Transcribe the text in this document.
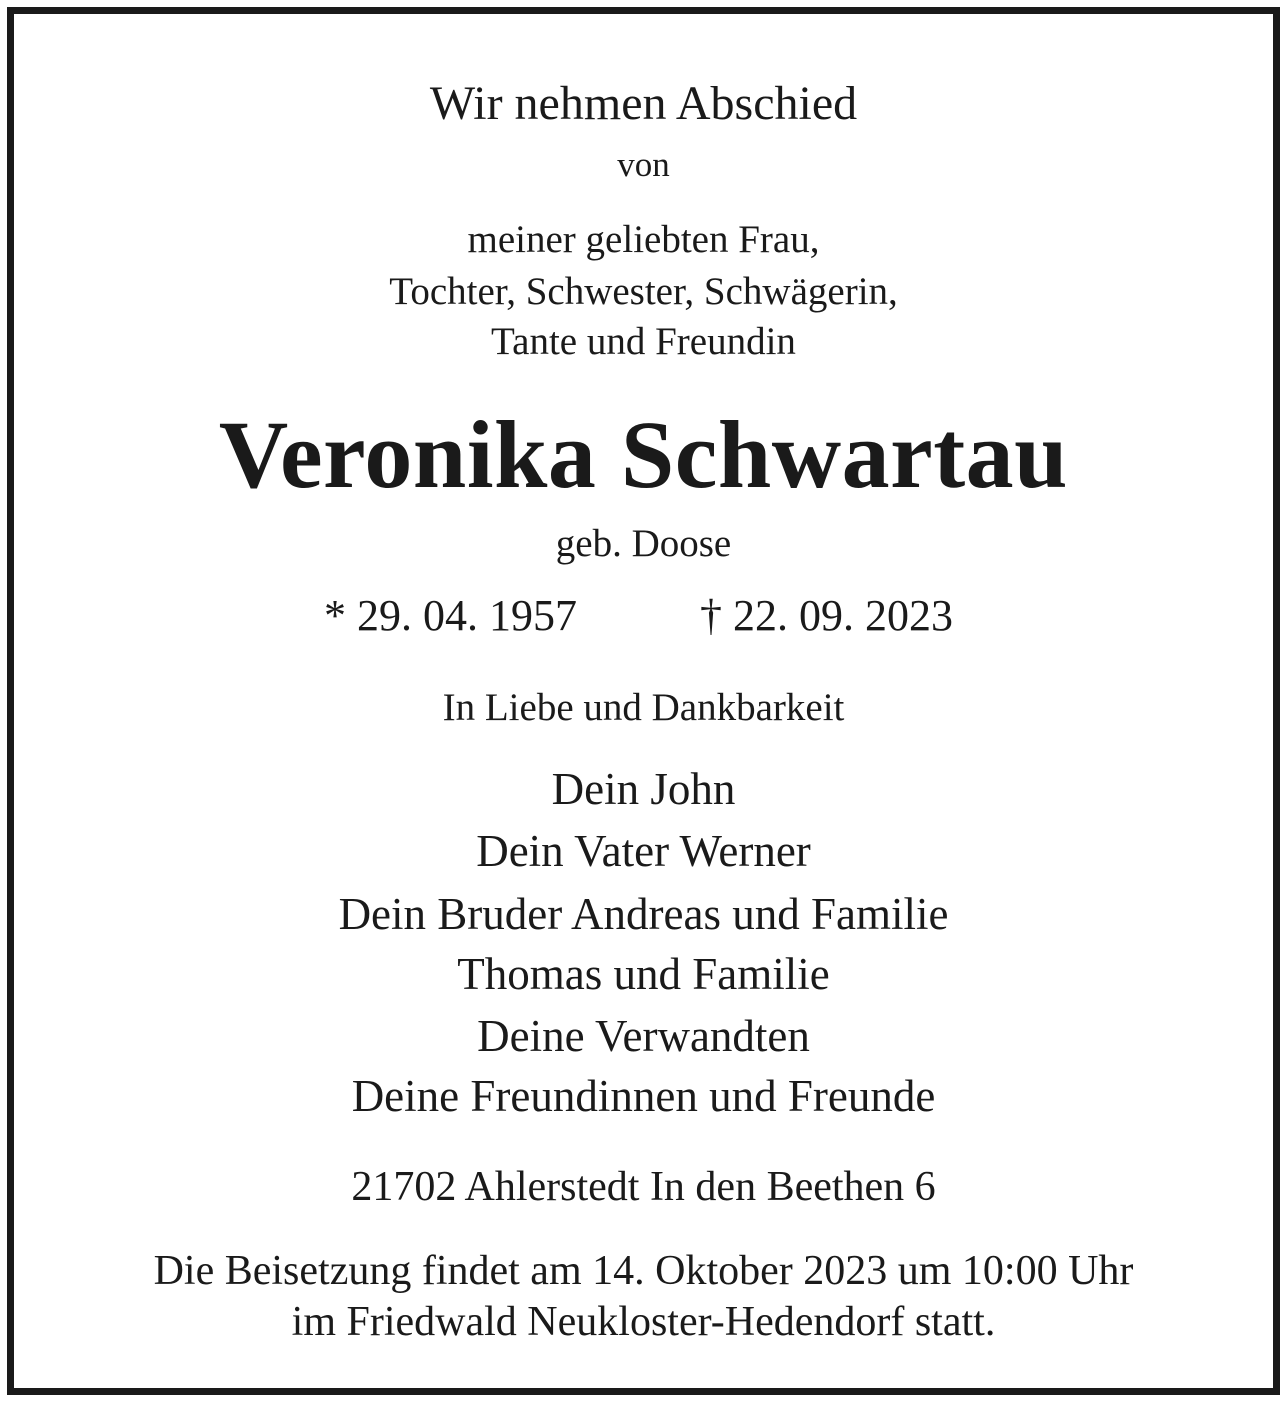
Wir nehmen Abschied
von
meiner geliebten Frau,
Tochter, Schwester, Schwägerin,
Tante und Freundin
Veronika Schwartau
geb. Doose
* 29. 04. 1957	† 22. 09. 2023
In Liebe und Dankbarkeit
Dein John
Dein Vater Werner
Dein Bruder Andreas und Familie
Thomas und Familie
Deine Verwandten
Deine Freundinnen und Freunde
21702 Ahlerstedt In den Beethen 6
Die Beisetzung findet am 14. Oktober 2023 um 10:00 Uhr
im Friedwald Neukloster-Hedendorf statt.
